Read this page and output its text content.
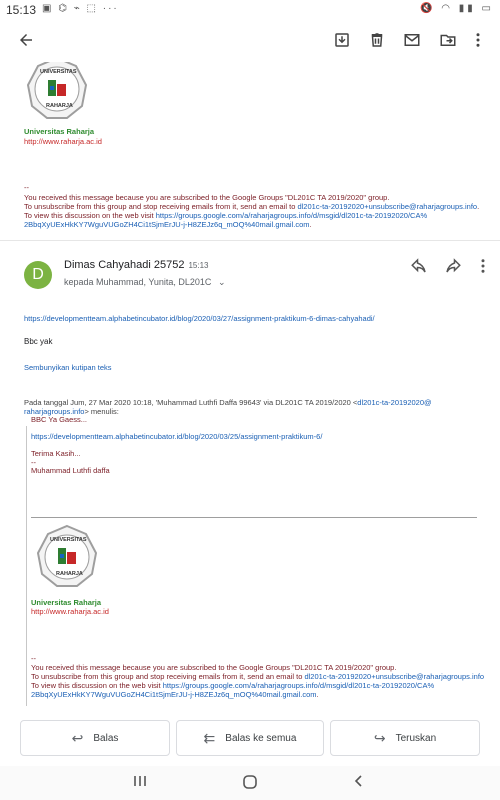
15:13 ▣ ⌬ ⌁ ⬚ ···	🔇 ◠ ▮▮ ▭
UNIVERSITAS
RAHARJA
Universitas Raharja
http://www.raharja.ac.id
--
You received this message because you are subscribed to the Google Groups "DL201C TA 2019/2020" group.
To unsubscribe from this group and stop receiving emails from it, send an email to dl201c-ta-20192020+unsubscribe@raharjagroups.info.
To view this discussion on the web visit https://groups.google.com/a/raharjagroups.info/d/msgid/dl201c-ta-20192020/CA%
2BbqXyUExHkKY7WguVUGoZH4Ci1tSjmErJU-j-H8ZEJz6q_mOQ%40mail.gmail.com.
D
Dimas Cahyahadi 25752 15:13
kepada Muhammad, Yunita, DL201C ⌄
https://developmentteam.alphabetincubator.id/blog/2020/03/27/assignment-praktikum-6-dimas-cahyahadi/
Bbc yak
Sembunyikan kutipan teks
Pada tanggal Jum, 27 Mar 2020 10:18, 'Muhammad Luthfi Daffa 99643' via DL201C TA 2019/2020 <dl201c-ta-20192020@
raharjagroups.info> menulis:
BBC Ya Gaess...
https://developmentteam.alphabetincubator.id/blog/2020/03/25/assignment-praktikum-6/
Terima Kasih...
--
Muhammad Luthfi daffa
UNIVERSITAS
RAHARJA
Universitas Raharja
http://www.raharja.ac.id
--
You received this message because you are subscribed to the Google Groups "DL201C TA 2019/2020" group.
To unsubscribe from this group and stop receiving emails from it, send an email to dl201c-ta-20192020+unsubscribe@raharjagroups.info
To view this discussion on the web visit https://groups.google.com/a/raharjagroups.info/d/msgid/dl201c-ta-20192020/CA%
2BbqXyUExHkKY7WguVUGoZH4Ci1tSjmErJU-j-H8ZEJz6q_mOQ%40mail.gmail.com.
↩ Balas	⇇ Balas ke semua	↪ Teruskan
